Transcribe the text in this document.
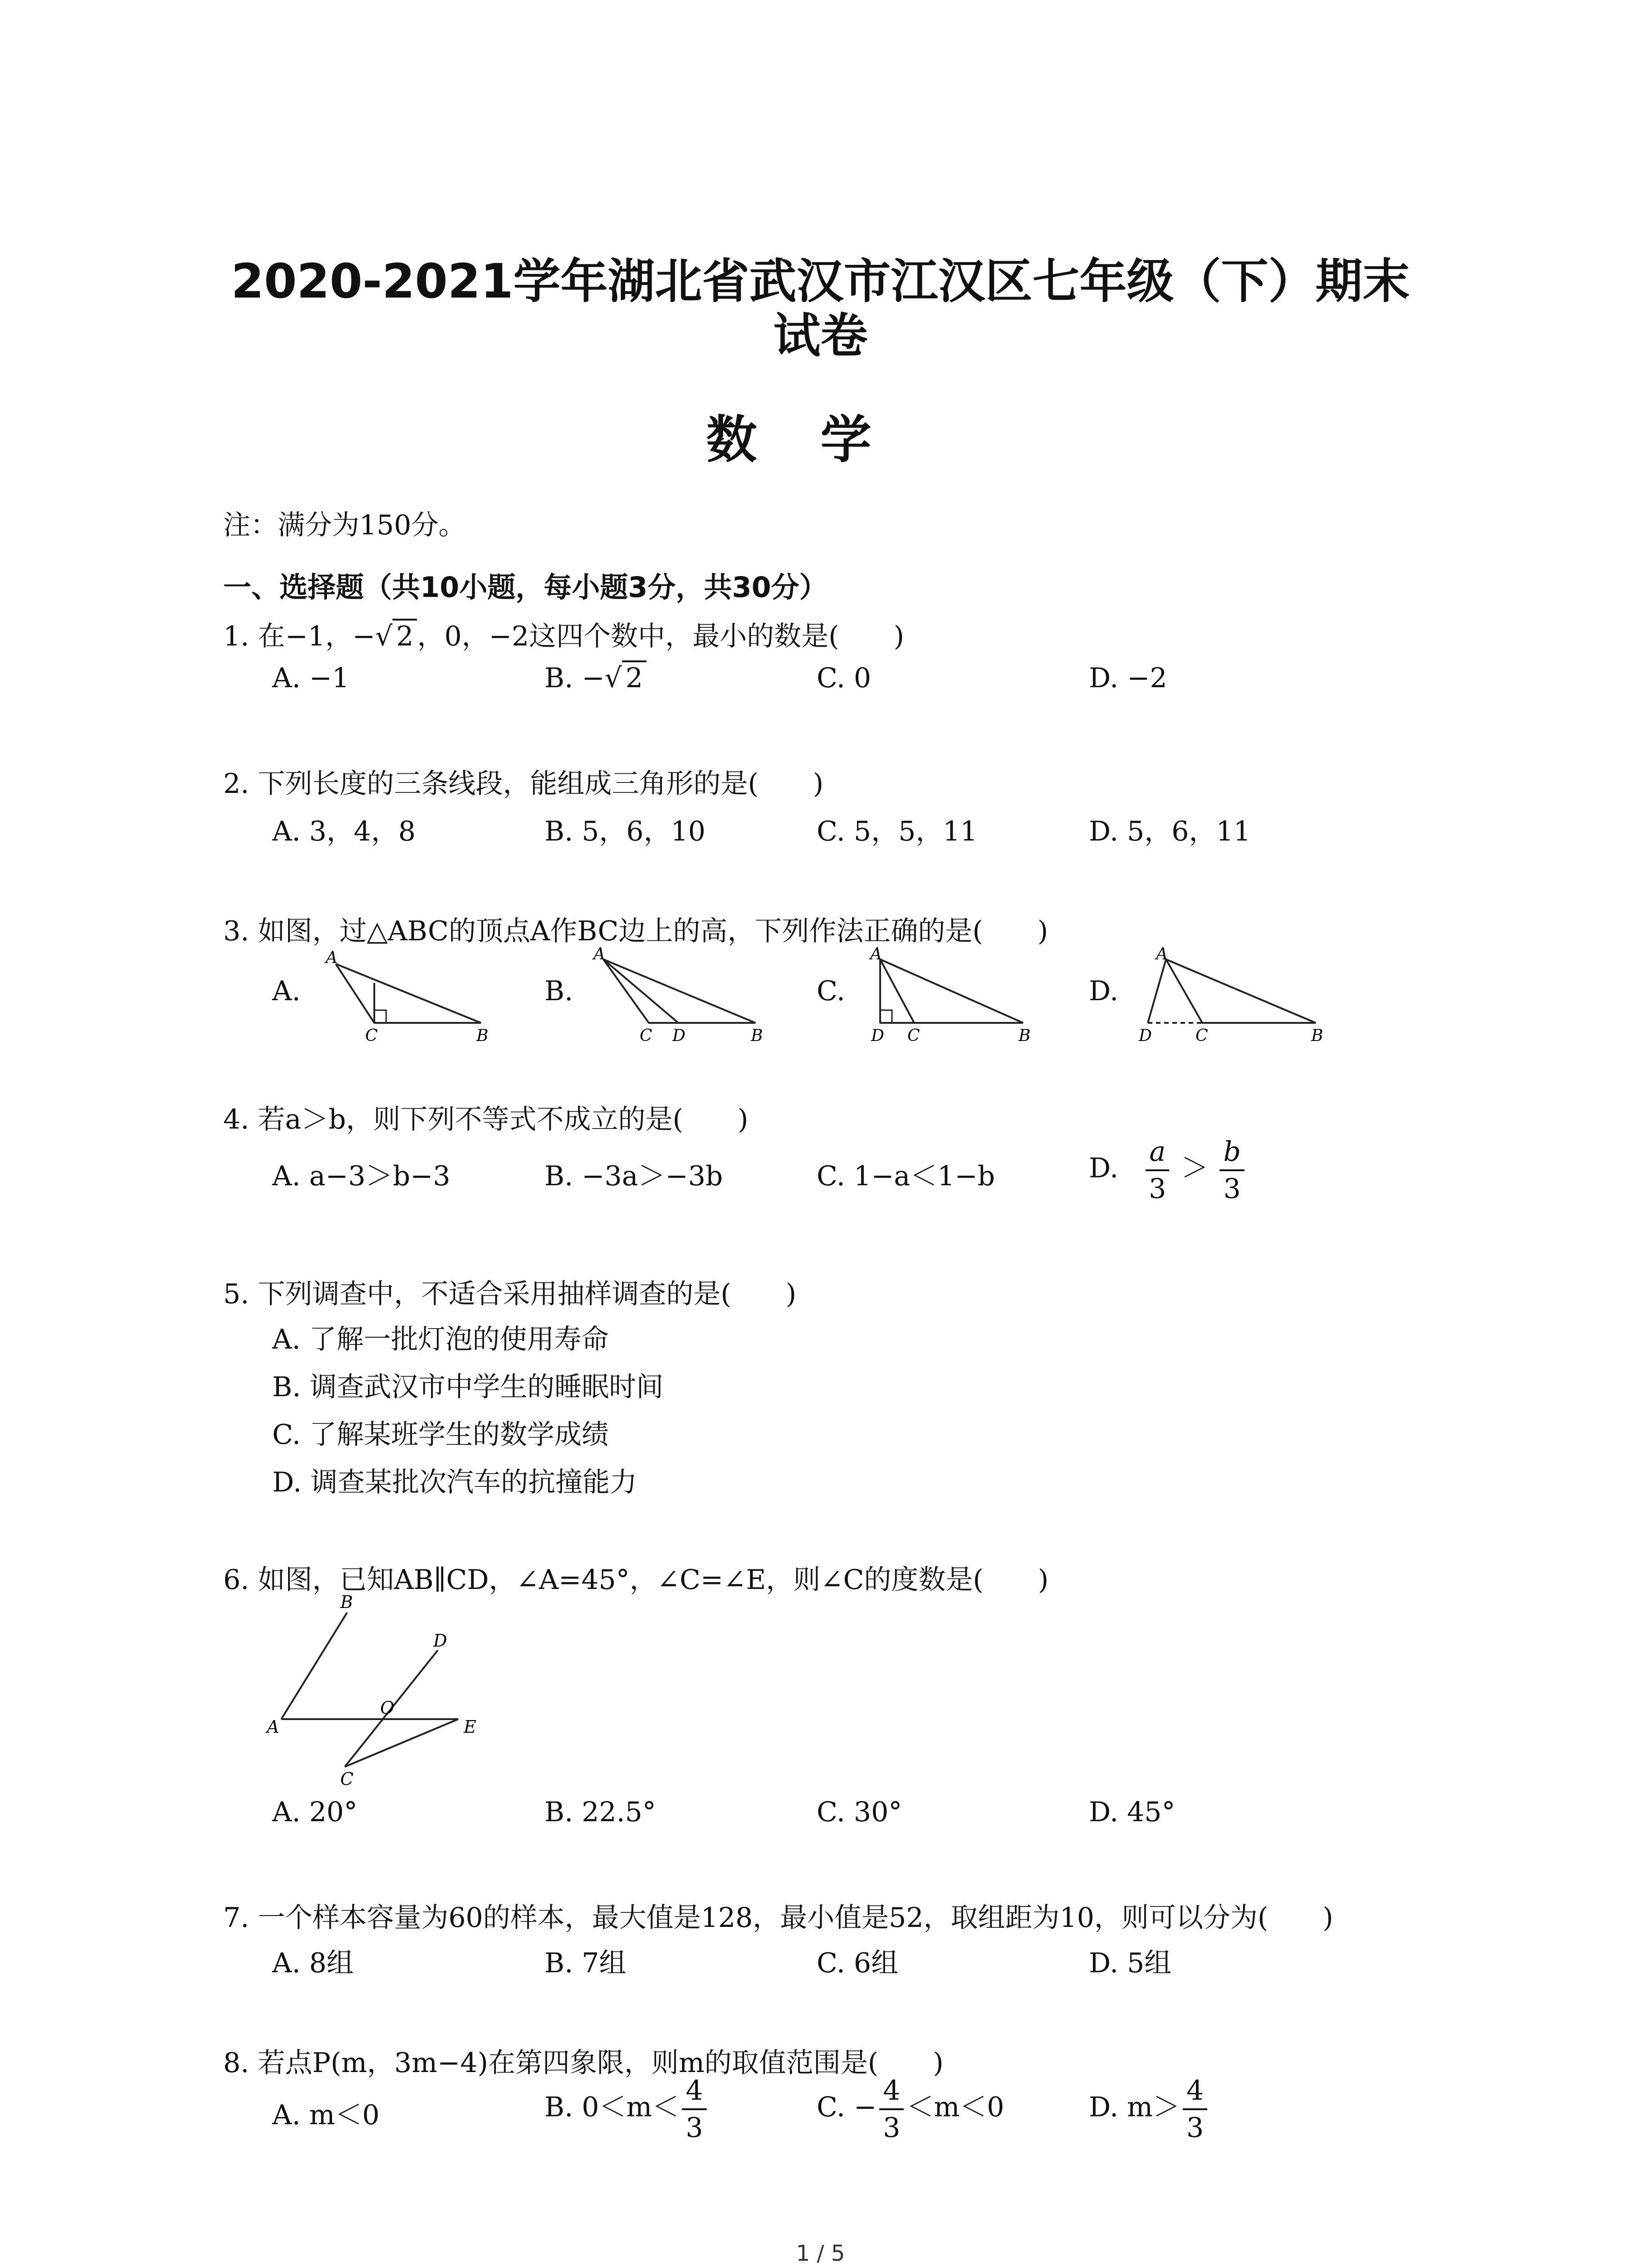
2020-2021学年湖北省武汉市江汉区七年级（下）期末
试卷
数学
注：满分为150分。
一、选择题（共10小题，每小题3分，共30分）
1. 在−1，−√ 2 ，0，−2这四个数中，最小的数是(　　)
A. −1	B. −√ 2	C. 0	D. −2
2. 下列长度的三条线段，能组成三角形的是(　　)
A. 3，4，8	B. 5，6，10	C. 5，5，11	D. 5，6，11
3. 如图，过△ABC的顶点A作BC边上的高，下列作法正确的是(　　)
A.	B.	C.	D.
A
C	B
A
C D	B
A
D C	B
A
D	C	B
4. 若a＞b，则下列不等式不成立的是(　　)
A. a−3＞b−3	B. −3a＞−3b	C. 1−a＜1−b	D. $\frac{a}{3} > \frac{b}{3}$
5. 下列调查中，不适合采用抽样调查的是(　　)
A. 了解一批灯泡的使用寿命
B. 调查武汉市中学生的睡眠时间
C. 了解某班学生的数学成绩
D. 调查某批次汽车的抗撞能力
6. 如图，已知AB∥CD，∠A=45°，∠C=∠E，则∠C的度数是(　　)
B
D
A
O
E
C
A. 20°	B. 22.5°	C. 30°	D. 45°
7. 一个样本容量为60的样本，最大值是128，最小值是52，取组距为10，则可以分为(　　)
A. 8组	B. 7组	C. 6组	D. 5组
8. 若点P(m，3m−4)在第四象限，则m的取值范围是(　　)
A. m＜0	B. $0<m< \frac{4}{3}$	C. − $\frac{4}{3} <m<0$	D. $m> \frac{4}{3}$
1 / 5
